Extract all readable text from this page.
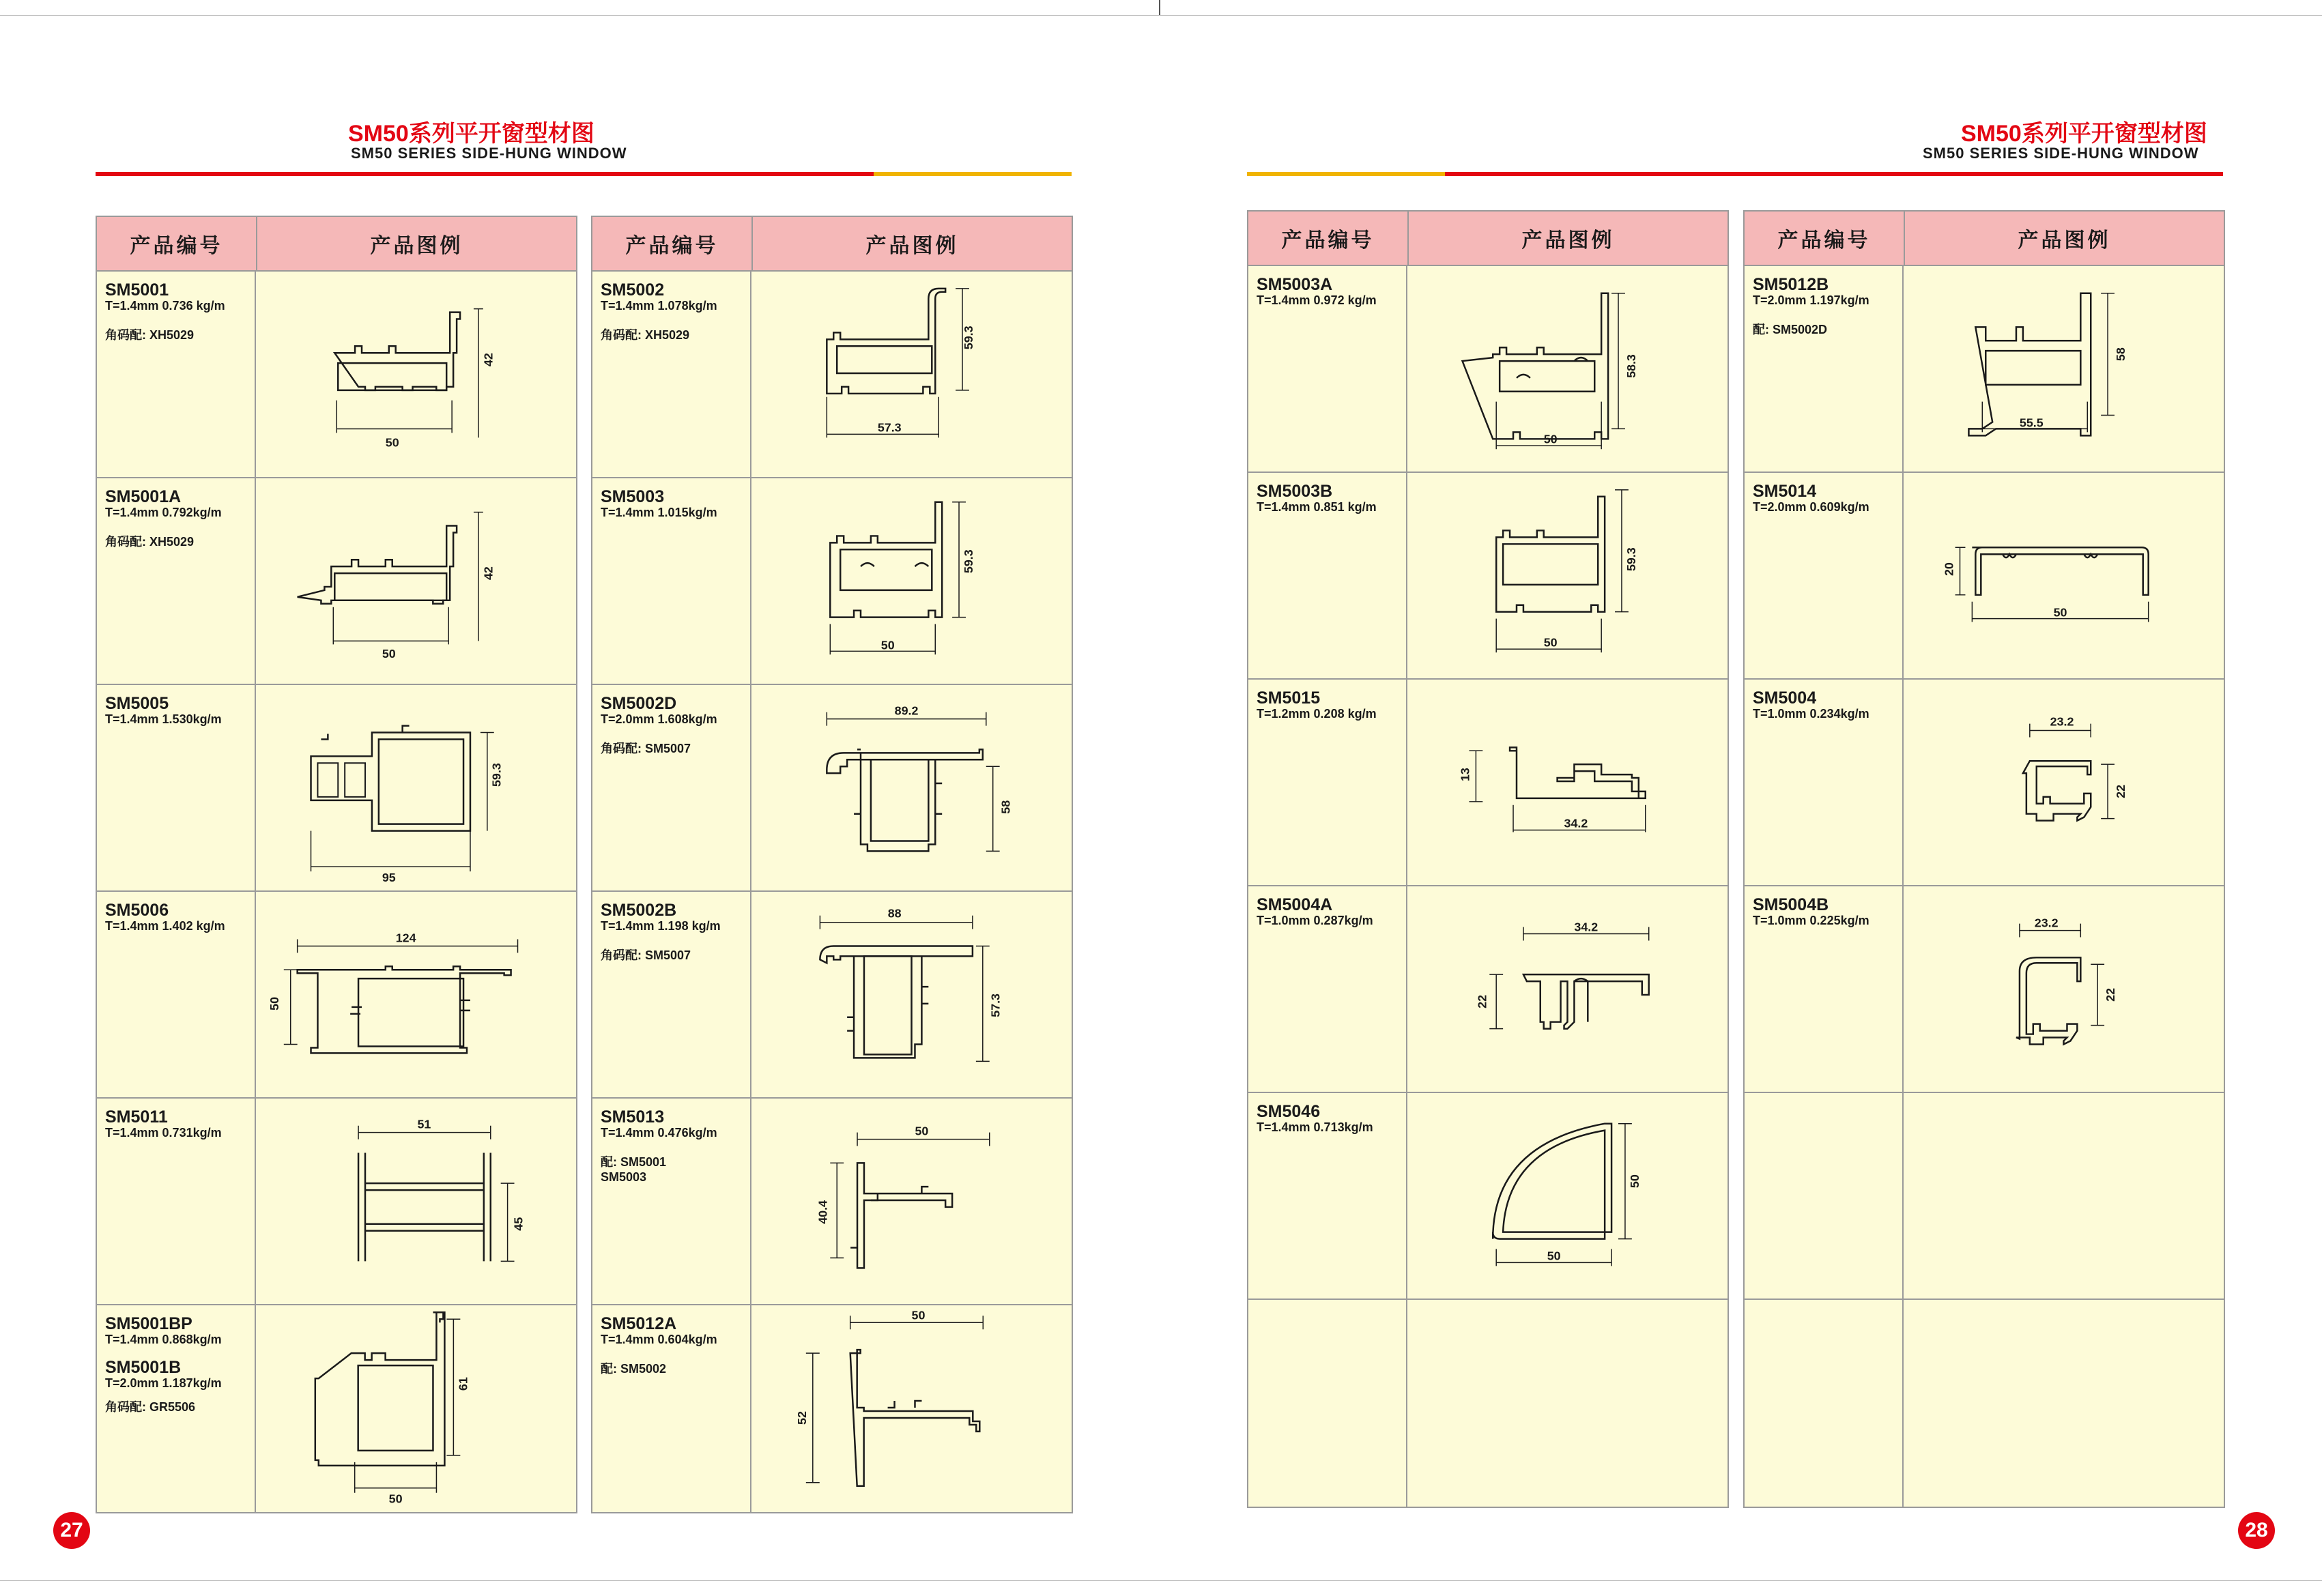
SM50系列平开窗型材图
SM50 SERIES SIDE-HUNG WINDOW
产品编号	产品图例
SM5001
T=1.4mm 0.736 kg/m
角码配: XH5029
42
50
SM5001A
T=1.4mm 0.792kg/m
角码配: XH5029
42
50
SM5005
T=1.4mm 1.530kg/m
59.3
95
SM5006
T=1.4mm 1.402 kg/m
50
124
SM5011
T=1.4mm 0.731kg/m
51
45
SM5001BP
T=1.4mm 0.868kg/m
SM5001B
T=2.0mm 1.187kg/m
角码配: GR5506
61
50
产品编号	产品图例
SM5002
T=1.4mm 1.078kg/m
角码配: XH5029	59.3
57.3
SM5003
T=1.4mm 1.015kg/m
59.3
50
SM5002D
T=2.0mm 1.608kg/m
角码配: SM5007
89.2
58
SM5002B
T=1.4mm 1.198 kg/m
角码配: SM5007
88
57.3
SM5013
T=1.4mm 0.476kg/m
配: SM5001
SM5003
50
40.4
SM5012A
T=1.4mm 0.604kg/m
配: SM5002
50
52
27
SM50系列平开窗型材图
SM50 SERIES SIDE-HUNG WINDOW
产品编号	产品图例
SM5003A
T=1.4mm 0.972 kg/m
58.3
50
SM5003B
T=1.4mm 0.851 kg/m
59.3
50
SM5015
T=1.2mm 0.208 kg/m
13
34.2
SM5004A
T=1.0mm 0.287kg/m	34.2
22
SM5046
T=1.4mm 0.713kg/m
50
50
产品编号	产品图例
SM5012B
T=2.0mm 1.197kg/m
配: SM5002D
55.5
58
SM5014
T=2.0mm 0.609kg/m
20
50
SM5004
T=1.0mm 0.234kg/m
23.2
22
SM5004B
T=1.0mm 0.225kg/m	23.2
22
28
